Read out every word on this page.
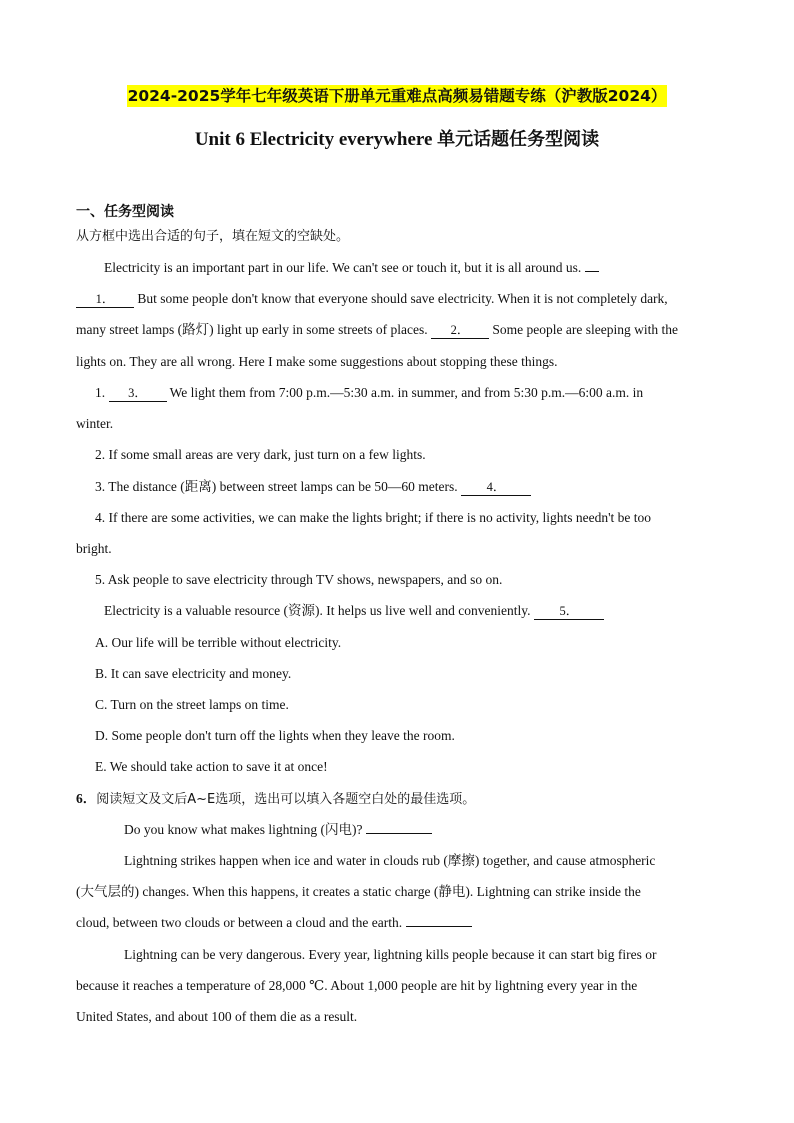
2024-2025学年七年级英语下册单元重难点高频易错题专练（沪教版2024）
Unit 6 Electricity everywhere 单元话题任务型阅读
一、任务型阅读
从方框中选出合适的句子，填在短文的空缺处。
Electricity is an important part in our life. We can't see or touch it, but it is all around us.
1． But some people don't know that everyone should save electricity. When it is not completely dark,
many street lamps (路灯) light up early in some streets of places. 2． Some people are sleeping with the
lights on. They are all wrong. Here I make some suggestions about stopping these things.
1. 3． We light them from 7:00 p.m.—5:30 a.m. in summer, and from 5:30 p.m.—6:00 a.m. in
winter.
2. If some small areas are very dark, just turn on a few lights.
3. The distance (距离) between street lamps can be 50—60 meters. 4．
4. If there are some activities, we can make the lights bright; if there is no activity, lights needn't be too
bright.
5. Ask people to save electricity through TV shows, newspapers, and so on.
Electricity is a valuable resource (资源). It helps us live well and conveniently. 5．
A. Our life will be terrible without electricity.
B. It can save electricity and money.
C. Turn on the street lamps on time.
D. Some people don't turn off the lights when they leave the room.
E. We should take action to save it at once!
6．阅读短文及文后A~E选项，选出可以填入各题空白处的最佳选项。
Do you know what makes lightning (闪电)?
Lightning strikes happen when ice and water in clouds rub (摩擦) together, and cause atmospheric
(大气层的) changes. When this happens, it creates a static charge (静电). Lightning can strike inside the
cloud, between two clouds or between a cloud and the earth.
Lightning can be very dangerous. Every year, lightning kills people because it can start big fires or
because it reaches a temperature of 28,000 ℃. About 1,000 people are hit by lightning every year in the
United States, and about 100 of them die as a result.
